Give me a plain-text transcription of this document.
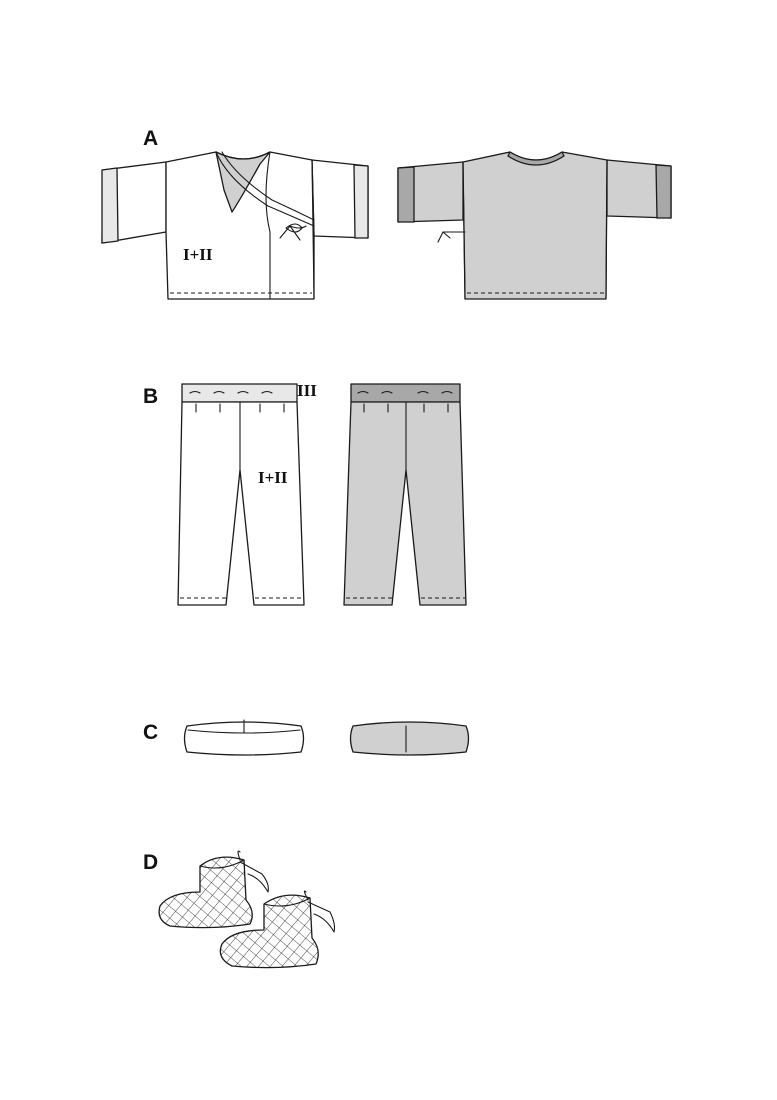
A
I+II
B	III
I+II
C
D
